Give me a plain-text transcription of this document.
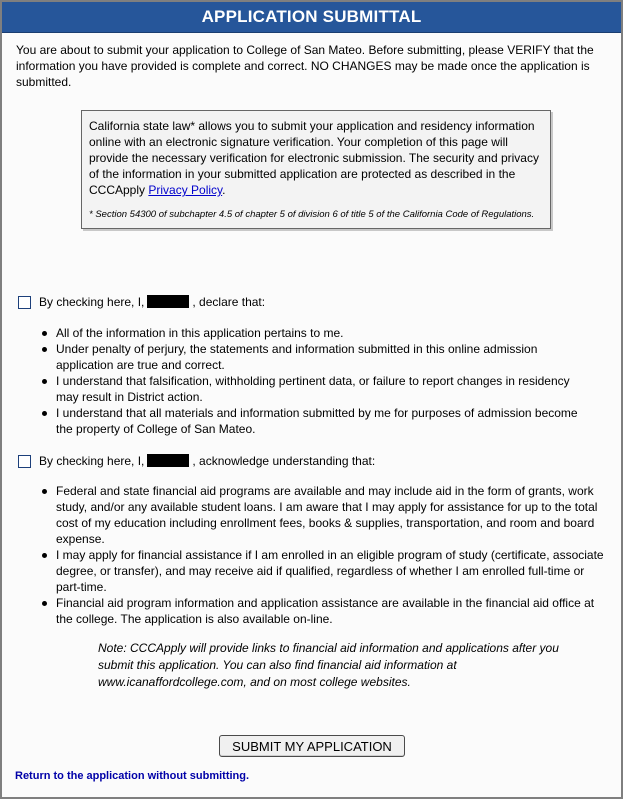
APPLICATION SUBMITTAL
You are about to submit your application to College of San Mateo. Before submitting, please VERIFY that the information you have provided is complete and correct. NO CHANGES may be made once the application is submitted.
California state law* allows you to submit your application and residency information online with an electronic signature verification. Your completion of this page will provide the necessary verification for electronic submission. The security and privacy of the information in your submitted application are protected as described in the CCCApply Privacy Policy.
* Section 54300 of subchapter 4.5 of chapter 5 of division 6 of title 5 of the California Code of Regulations.
By checking here, I,	, declare that:
All of the information in this application pertains to me.
Under penalty of perjury, the statements and information submitted in this online admission application are true and correct.
I understand that falsification, withholding pertinent data, or failure to report changes in residency may result in District action.
I understand that all materials and information submitted by me for purposes of admission become the property of College of San Mateo.
By checking here, I,	, acknowledge understanding that:
Federal and state financial aid programs are available and may include aid in the form of grants, work study, and/or any available student loans. I am aware that I may apply for assistance for up to the total cost of my education including enrollment fees, books & supplies, transportation, and room and board expense.
I may apply for financial assistance if I am enrolled in an eligible program of study (certificate, associate degree, or transfer), and may receive aid if qualified, regardless of whether I am enrolled full-time or part-time.
Financial aid program information and application assistance are available in the financial aid office at the college. The application is also available on-line.
Note: CCCApply will provide links to financial aid information and applications after you submit this application. You can also find financial aid information at www.icanaffordcollege.com, and on most college websites.
SUBMIT MY APPLICATION
Return to the application without submitting.
